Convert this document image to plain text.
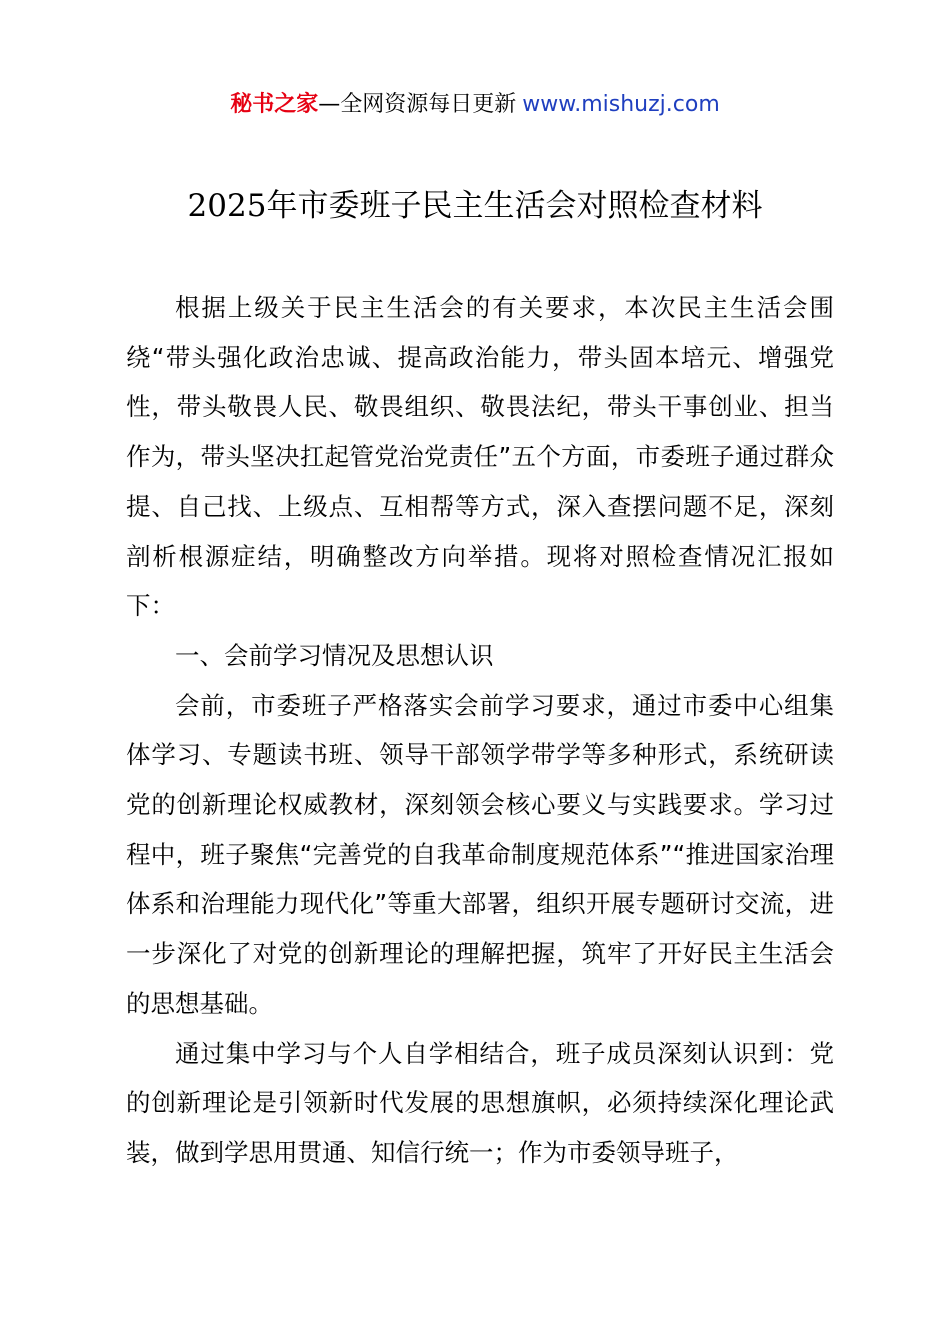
秘书之家—全网资源每日更新 www.mishuzj.com
2025年市委班子民主生活会对照检查材料

根据上级关于民主生活会的有关要求，本次民主生活会围绕“带头强化政治忠诚、提高政治能力，带头固本培元、增强党性，带头敬畏人民、敬畏组织、敬畏法纪，带头干事创业、担当作为，带头坚决扛起管党治党责任”五个方面，市委班子通过群众提、自己找、上级点、互相帮等方式，深入查摆问题不足，深刻剖析根源症结，明确整改方向举措。现将对照检查情况汇报如下：

一、会前学习情况及思想认识

会前，市委班子严格落实会前学习要求，通过市委中心组集体学习、专题读书班、领导干部领学带学等多种形式，系统研读党的创新理论权威教材，深刻领会核心要义与实践要求。学习过程中，班子聚焦“完善党的自我革命制度规范体系”“推进国家治理体系和治理能力现代化”等重大部署，组织开展专题研讨交流，进一步深化了对党的创新理论的理解把握，筑牢了开好民主生活会的思想基础。

通过集中学习与个人自学相结合，班子成员深刻认识到：党的创新理论是引领新时代发展的思想旗帜，必须持续深化理论武装，做到学思用贯通、知信行统一；作为市委领导班子，
